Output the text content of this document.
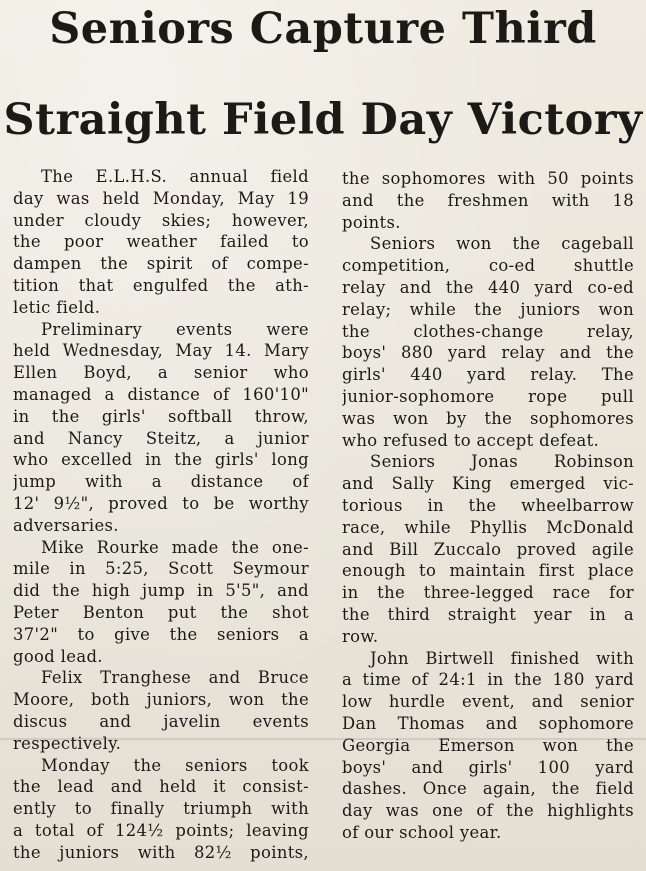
Seniors Capture Third
Straight Field Day Victory
The E.L.H.S. annual field
day was held Monday, May 19
under cloudy skies; however,
the poor weather failed to
dampen the spirit of compe-
tition that engulfed the ath-
letic field.
Preliminary events were
held Wednesday, May 14. Mary
Ellen Boyd, a senior who
managed a distance of 160'10"
in the girls' softball throw,
and Nancy Steitz, a junior
who excelled in the girls' long
jump with a distance of
12' 9½", proved to be worthy
adversaries.
Mike Rourke made the one-
mile in 5:25, Scott Seymour
did the high jump in 5'5", and
Peter Benton put the shot
37'2" to give the seniors a
good lead.
Felix Tranghese and Bruce
Moore, both juniors, won the
discus and javelin events
respectively.
Monday the seniors took
the lead and held it consist-
ently to finally triumph with
a total of 124½ points; leaving
the juniors with 82½ points,
the sophomores with 50 points
and the freshmen with 18
points.
Seniors won the cageball
competition, co-ed shuttle
relay and the 440 yard co-ed
relay; while the juniors won
the clothes-change relay,
boys' 880 yard relay and the
girls' 440 yard relay. The
junior-sophomore rope pull
was won by the sophomores
who refused to accept defeat.
Seniors Jonas Robinson
and Sally King emerged vic-
torious in the wheelbarrow
race, while Phyllis McDonald
and Bill Zuccalo proved agile
enough to maintain first place
in the three-legged race for
the third straight year in a
row.
John Birtwell finished with
a time of 24:1 in the 180 yard
low hurdle event, and senior
Dan Thomas and sophomore
Georgia Emerson won the
boys' and girls' 100 yard
dashes. Once again, the field
day was one of the highlights
of our school year.
